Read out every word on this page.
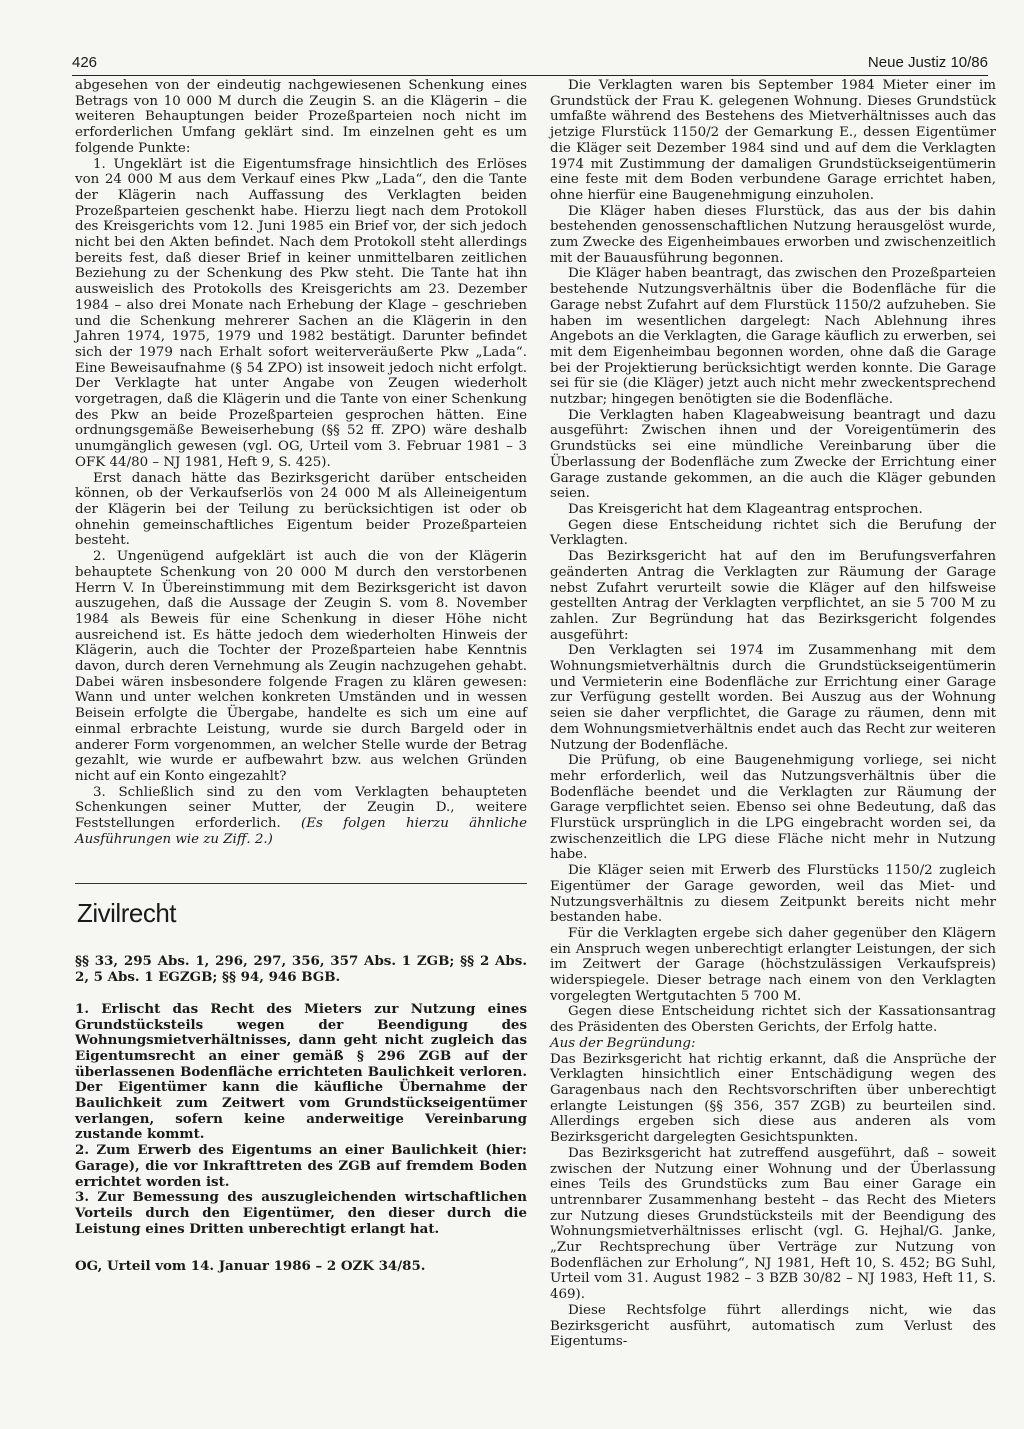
426	Neue Justiz 10/86

abgesehen von der eindeutig nachgewiesenen Schenkung eines Betrags von 10 000 M durch die Zeugin S. an die Klägerin – die weiteren Behauptungen beider Prozeßparteien noch nicht im erforderlichen Umfang geklärt sind. Im einzelnen geht es um folgende Punkte:

1. Ungeklärt ist die Eigentumsfrage hinsichtlich des Erlöses von 24 000 M aus dem Verkauf eines Pkw „Lada“, den die Tante der Klägerin nach Auffassung des Verklagten beiden Prozeßparteien geschenkt habe. Hierzu liegt nach dem Protokoll des Kreisgerichts vom 12. Juni 1985 ein Brief vor, der sich jedoch nicht bei den Akten befindet. Nach dem Protokoll steht allerdings bereits fest, daß dieser Brief in keiner unmittelbaren zeitlichen Beziehung zu der Schenkung des Pkw steht. Die Tante hat ihn ausweislich des Protokolls des Kreisgerichts am 23. Dezember 1984 – also drei Monate nach Erhebung der Klage – geschrieben und die Schenkung mehrerer Sachen an die Klägerin in den Jahren 1974, 1975, 1979 und 1982 bestätigt. Darunter befindet sich der 1979 nach Erhalt sofort weiterveräußerte Pkw „Lada“. Eine Beweisaufnahme (§ 54 ZPO) ist insoweit jedoch nicht erfolgt. Der Verklagte hat unter Angabe von Zeugen wiederholt vorgetragen, daß die Klägerin und die Tante von einer Schenkung des Pkw an beide Prozeßparteien gesprochen hätten. Eine ordnungsgemäße Beweiserhebung (§§ 52 ff. ZPO) wäre deshalb unumgänglich gewesen (vgl. OG, Urteil vom 3. Februar 1981 – 3 OFK 44/80 – NJ 1981, Heft 9, S. 425).

Erst danach hätte das Bezirksgericht darüber entscheiden können, ob der Verkaufserlös von 24 000 M als Alleineigentum der Klägerin bei der Teilung zu berücksichtigen ist oder ob ohnehin gemeinschaftliches Eigentum beider Prozeßparteien besteht.

2. Ungenügend aufgeklärt ist auch die von der Klägerin behauptete Schenkung von 20 000 M durch den verstorbenen Herrn V. In Übereinstimmung mit dem Bezirksgericht ist davon auszugehen, daß die Aussage der Zeugin S. vom 8. November 1984 als Beweis für eine Schenkung in dieser Höhe nicht ausreichend ist. Es hätte jedoch dem wiederholten Hinweis der Klägerin, auch die Tochter der Prozeßparteien habe Kenntnis davon, durch deren Vernehmung als Zeugin nachzugehen gehabt. Dabei wären insbesondere folgende Fragen zu klären gewesen: Wann und unter welchen konkreten Umständen und in wessen Beisein erfolgte die Übergabe, handelte es sich um eine auf einmal erbrachte Leistung, wurde sie durch Bargeld oder in anderer Form vorgenommen, an welcher Stelle wurde der Betrag gezahlt, wie wurde er aufbewahrt bzw. aus welchen Gründen nicht auf ein Konto eingezahlt?

3. Schließlich sind zu den vom Verklagten behaupteten Schenkungen seiner Mutter, der Zeugin D., weitere Feststellungen erforderlich. (Es folgen hierzu ähnliche Ausführungen wie zu Ziff. 2.)

Zivilrecht

§§ 33, 295 Abs. 1, 296, 297, 356, 357 Abs. 1 ZGB; §§ 2 Abs. 2, 5 Abs. 1 EGZGB; §§ 94, 946 BGB.

1. Erlischt das Recht des Mieters zur Nutzung eines Grundstücksteils wegen der Beendigung des Wohnungsmietverhältnisses, dann geht nicht zugleich das Eigentumsrecht an einer gemäß § 296 ZGB auf der überlassenen Bodenfläche errichteten Baulichkeit verloren. Der Eigentümer kann die käufliche Übernahme der Baulichkeit zum Zeitwert vom Grundstückseigentümer verlangen, sofern keine anderweitige Vereinbarung zustande kommt.

2. Zum Erwerb des Eigentums an einer Baulichkeit (hier: Garage), die vor Inkrafttreten des ZGB auf fremdem Boden errichtet worden ist.

3. Zur Bemessung des auszugleichenden wirtschaftlichen Vorteils durch den Eigentümer, den dieser durch die Leistung eines Dritten unberechtigt erlangt hat.

OG, Urteil vom 14. Januar 1986 – 2 OZK 34/85.

Die Verklagten waren bis September 1984 Mieter einer im Grundstück der Frau K. gelegenen Wohnung. Dieses Grundstück umfaßte während des Bestehens des Mietverhältnisses auch das jetzige Flurstück 1150/2 der Gemarkung E., dessen Eigentümer die Kläger seit Dezember 1984 sind und auf dem die Verklagten 1974 mit Zustimmung der damaligen Grundstückseigentümerin eine feste mit dem Boden verbundene Garage errichtet haben, ohne hierfür eine Baugenehmigung einzuholen.

Die Kläger haben dieses Flurstück, das aus der bis dahin bestehenden genossenschaftlichen Nutzung herausgelöst wurde, zum Zwecke des Eigenheimbaues erworben und zwischenzeitlich mit der Bauausführung begonnen.

Die Kläger haben beantragt, das zwischen den Prozeßparteien bestehende Nutzungsverhältnis über die Bodenfläche für die Garage nebst Zufahrt auf dem Flurstück 1150/2 aufzuheben. Sie haben im wesentlichen dargelegt: Nach Ablehnung ihres Angebots an die Verklagten, die Garage käuflich zu erwerben, sei mit dem Eigenheimbau begonnen worden, ohne daß die Garage bei der Projektierung berücksichtigt werden konnte. Die Garage sei für sie (die Kläger) jetzt auch nicht mehr zweckentsprechend nutzbar; hingegen benötigten sie die Bodenfläche.

Die Verklagten haben Klageabweisung beantragt und dazu ausgeführt: Zwischen ihnen und der Voreigentümerin des Grundstücks sei eine mündliche Vereinbarung über die Überlassung der Bodenfläche zum Zwecke der Errichtung einer Garage zustande gekommen, an die auch die Kläger gebunden seien.

Das Kreisgericht hat dem Klageantrag entsprochen.

Gegen diese Entscheidung richtet sich die Berufung der Verklagten.

Das Bezirksgericht hat auf den im Berufungsverfahren geänderten Antrag die Verklagten zur Räumung der Garage nebst Zufahrt verurteilt sowie die Kläger auf den hilfsweise gestellten Antrag der Verklagten verpflichtet, an sie 5 700 M zu zahlen. Zur Begründung hat das Bezirksgericht folgendes ausgeführt:

Den Verklagten sei 1974 im Zusammenhang mit dem Wohnungsmietverhältnis durch die Grundstückseigentümerin und Vermieterin eine Bodenfläche zur Errichtung einer Garage zur Verfügung gestellt worden. Bei Auszug aus der Wohnung seien sie daher verpflichtet, die Garage zu räumen, denn mit dem Wohnungsmietverhältnis endet auch das Recht zur weiteren Nutzung der Bodenfläche.

Die Prüfung, ob eine Baugenehmigung vorliege, sei nicht mehr erforderlich, weil das Nutzungsverhältnis über die Bodenfläche beendet und die Verklagten zur Räumung der Garage verpflichtet seien. Ebenso sei ohne Bedeutung, daß das Flurstück ursprünglich in die LPG eingebracht worden sei, da zwischenzeitlich die LPG diese Fläche nicht mehr in Nutzung habe.

Die Kläger seien mit Erwerb des Flurstücks 1150/2 zugleich Eigentümer der Garage geworden, weil das Miet- und Nutzungsverhältnis zu diesem Zeitpunkt bereits nicht mehr bestanden habe.

Für die Verklagten ergebe sich daher gegenüber den Klägern ein Anspruch wegen unberechtigt erlangter Leistungen, der sich im Zeitwert der Garage (höchstzulässigen Verkaufspreis) widerspiegele. Dieser betrage nach einem von den Verklagten vorgelegten Wertgutachten 5 700 M.

Gegen diese Entscheidung richtet sich der Kassationsantrag des Präsidenten des Obersten Gerichts, der Erfolg hatte.

Aus der Begründung:

Das Bezirksgericht hat richtig erkannt, daß die Ansprüche der Verklagten hinsichtlich einer Entschädigung wegen des Garagenbaus nach den Rechtsvorschriften über unberechtigt erlangte Leistungen (§§ 356, 357 ZGB) zu beurteilen sind. Allerdings ergeben sich diese aus anderen als vom Bezirksgericht dargelegten Gesichtspunkten.

Das Bezirksgericht hat zutreffend ausgeführt, daß – soweit zwischen der Nutzung einer Wohnung und der Überlassung eines Teils des Grundstücks zum Bau einer Garage ein untrennbarer Zusammenhang besteht – das Recht des Mieters zur Nutzung dieses Grundstücksteils mit der Beendigung des Wohnungsmietverhältnisses erlischt (vgl. G. Hejhal/G. Janke, „Zur Rechtsprechung über Verträge zur Nutzung von Bodenflächen zur Erholung“, NJ 1981, Heft 10, S. 452; BG Suhl, Urteil vom 31. August 1982 – 3 BZB 30/82 – NJ 1983, Heft 11, S. 469).

Diese Rechtsfolge führt allerdings nicht, wie das Bezirksgericht ausführt, automatisch zum Verlust des Eigentums-
